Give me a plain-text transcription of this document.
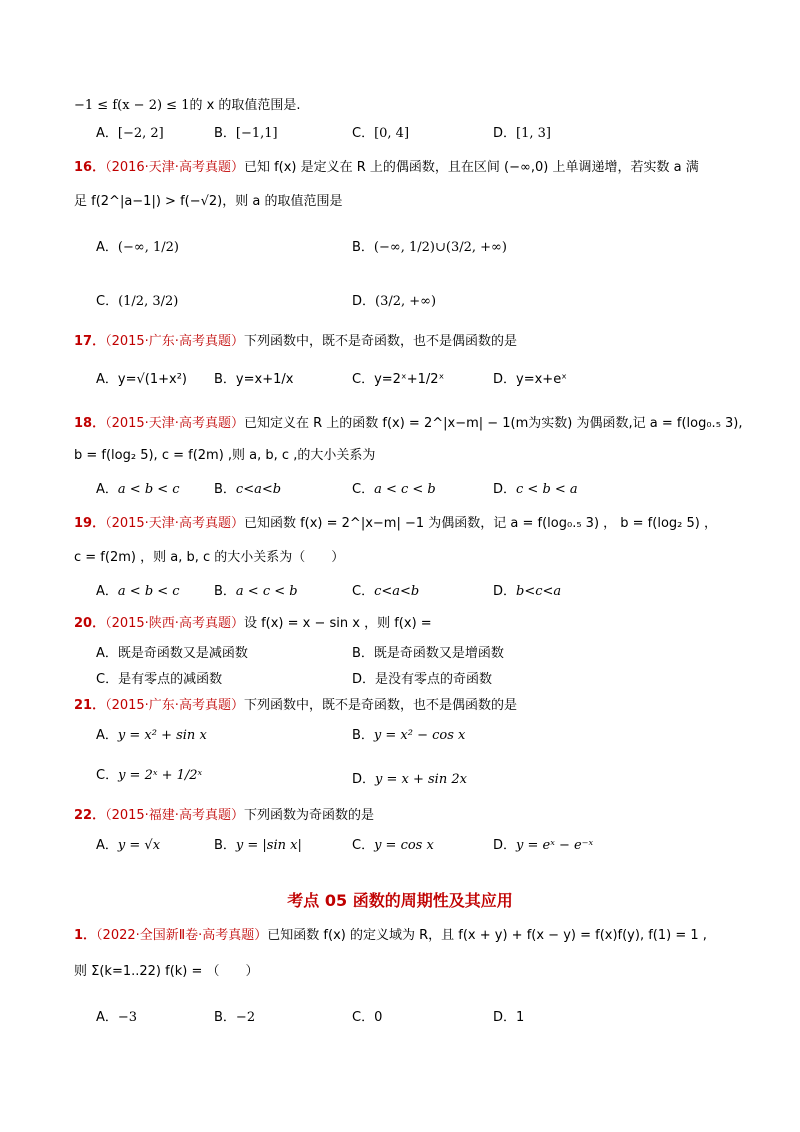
−1 ≤ f(x − 2) ≤ 1的 x 的取值范围是.
A．[−2, 2]	B．[−1,1]	C．[0, 4]	D．[1, 3]
16．（2016·天津·高考真题）已知 f(x) 是定义在 R 上的偶函数，且在区间 (−∞,0) 上单调递增，若实数 a 满
足 f(2^|a−1|) > f(−√2)，则 a 的取值范围是
A．(−∞, 1/2)	B．(−∞, 1/2)∪(3/2, +∞)
C．(1/2, 3/2)	D．(3/2, +∞)
17．（2015·广东·高考真题）下列函数中，既不是奇函数，也不是偶函数的是
A．y=√(1+x²) B．y=x+1/x	C．y=2ˣ+1/2ˣ	D．y=x+eˣ
18．（2015·天津·高考真题）已知定义在 R 上的函数 f(x) = 2^|x−m| − 1(m为实数) 为偶函数,记 a = f(log₀.₅ 3),
b = f(log₂ 5), c = f(2m) ,则 a, b, c ,的大小关系为
A．a < b < c	B．c<a<b	C．a < c < b	D．c < b < a
19．（2015·天津·高考真题）已知函数 f(x) = 2^|x−m| −1 为偶函数，记 a = f(log₀.₅ 3) ， b = f(log₂ 5) ，
c = f(2m) ，则 a, b, c 的大小关系为（　　）
A．a < b < c	B．a < c < b	C．c<a<b	D．b<c<a
20．（2015·陕西·高考真题）设 f(x) = x − sin x ，则 f(x) =
A．既是奇函数又是减函数	B．既是奇函数又是增函数
C．是有零点的减函数	D．是没有零点的奇函数
21．（2015·广东·高考真题）下列函数中，既不是奇函数，也不是偶函数的是
A．y = x² + sin x	B．y = x² − cos x
C．y = 2ˣ + 1/2ˣ	D．y = x + sin 2x
22．（2015·福建·高考真题）下列函数为奇函数的是
A．y = √x	B．y = |sin x|	C．y = cos x	D．y = eˣ − e⁻ˣ
考点 05 函数的周期性及其应用
1．（2022·全国新Ⅱ卷·高考真题）已知函数 f(x) 的定义域为 R，且 f(x + y) + f(x − y) = f(x)f(y), f(1) = 1 ,
则 Σ(k=1..22) f(k) = （　　）
A．−3	B．−2	C．0	D．1
